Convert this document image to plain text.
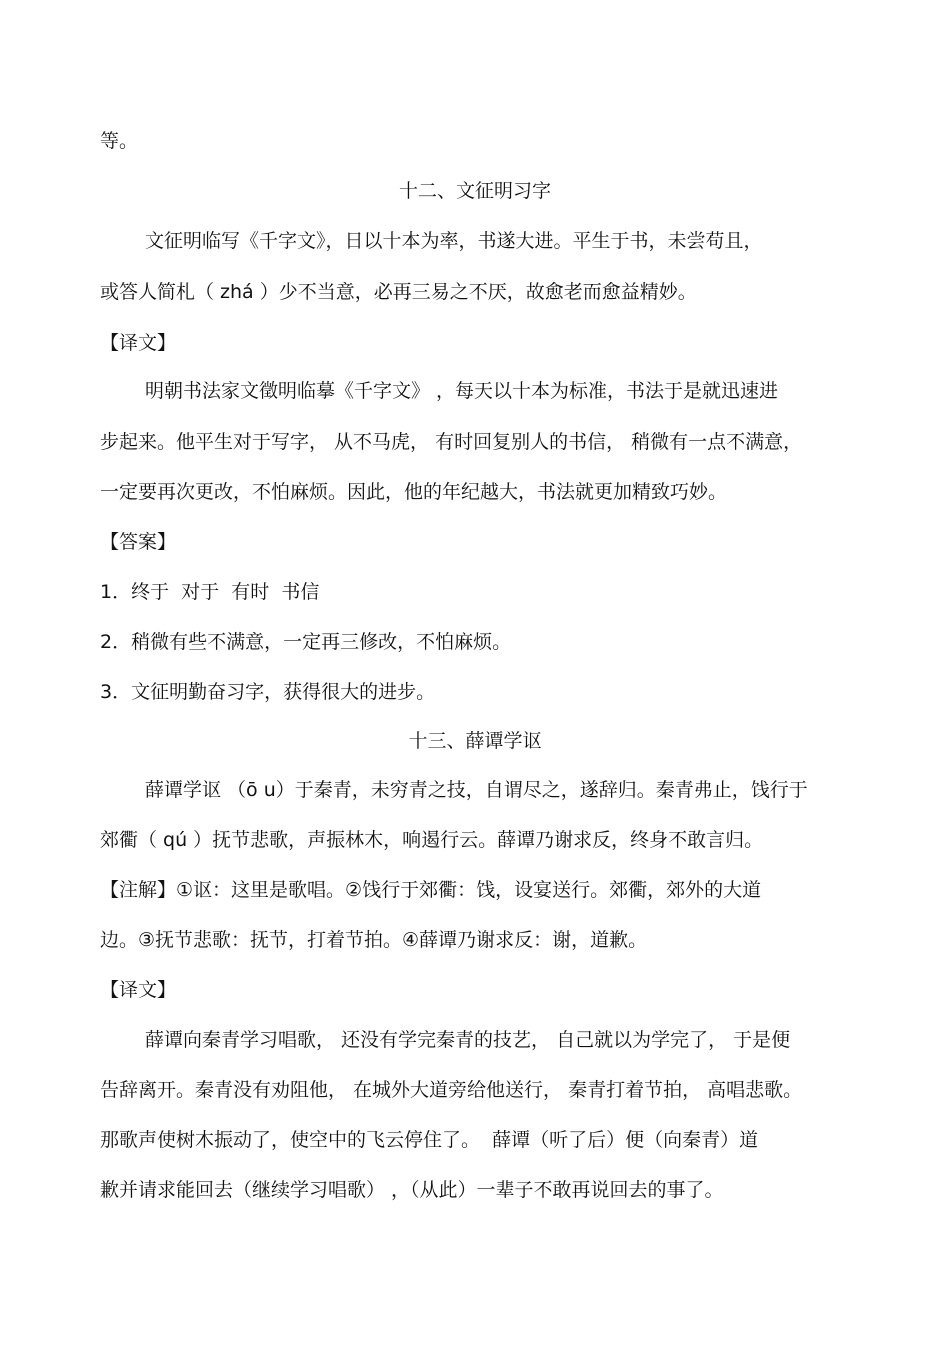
等。
十二、文征明习字
文征明临写《千字文》，日以十本为率，书遂大进。平生于书，未尝苟且，
或答人简札（ zhá ）少不当意，必再三易之不厌，故愈老而愈益精妙。
【译文】
明朝书法家文徵明临摹《千字文》 ，每天以十本为标准，书法于是就迅速进
步起来。他平生对于写字， 从不马虎， 有时回复别人的书信， 稍微有一点不满意，
一定要再次更改，不怕麻烦。因此，他的年纪越大，书法就更加精致巧妙。
【答案】
1．终于  对于  有时  书信
2．稍微有些不满意，一定再三修改，不怕麻烦。
3．文征明勤奋习字，获得很大的进步。
十三、薛谭学讴
薛谭学讴 （ō u）于秦青，未穷青之技，自谓尽之，遂辞归。秦青弗止，饯行于
郊衢（ qú ）抚节悲歌，声振林木，响遏行云。薛谭乃谢求反，终身不敢言归。
【注解】①讴：这里是歌唱。②饯行于郊衢：饯，设宴送行。郊衢，郊外的大道
边。③抚节悲歌：抚节，打着节拍。④薛谭乃谢求反：谢，道歉。
【译文】
薛谭向秦青学习唱歌， 还没有学完秦青的技艺， 自己就以为学完了， 于是便
告辞离开。秦青没有劝阻他， 在城外大道旁给他送行， 秦青打着节拍， 高唱悲歌。
那歌声使树木振动了，使空中的飞云停住了。  薛谭（听了后）便（向秦青）道
歉并请求能回去（继续学习唱歌） ，（从此）一辈子不敢再说回去的事了。
